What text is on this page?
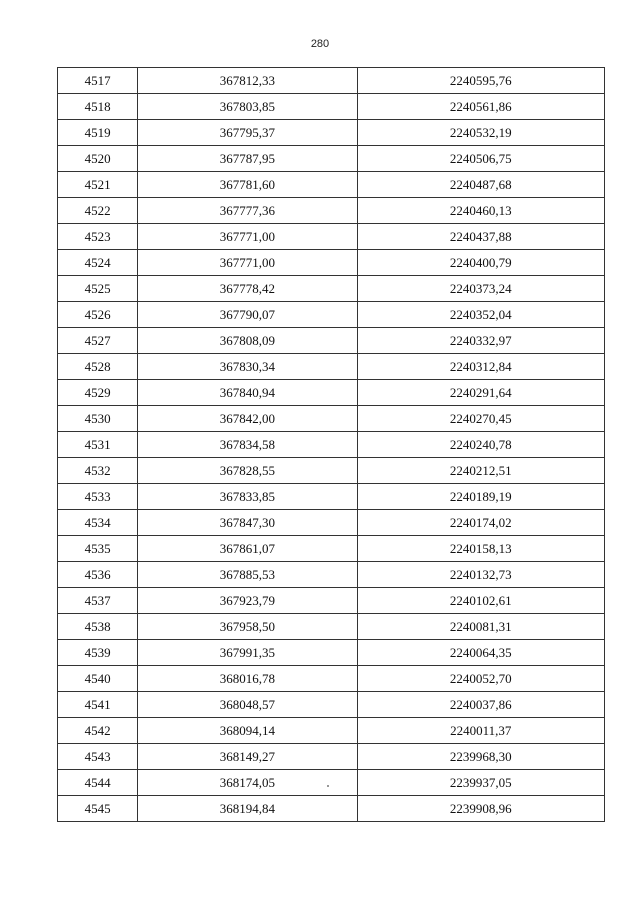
280
4517	367812,33	2240595,76
4518	367803,85	2240561,86
4519	367795,37	2240532,19
4520	367787,95	2240506,75
4521	367781,60	2240487,68
4522	367777,36	2240460,13
4523	367771,00	2240437,88
4524	367771,00	2240400,79
4525	367778,42	2240373,24
4526	367790,07	2240352,04
4527	367808,09	2240332,97
4528	367830,34	2240312,84
4529	367840,94	2240291,64
4530	367842,00	2240270,45
4531	367834,58	2240240,78
4532	367828,55	2240212,51
4533	367833,85	2240189,19
4534	367847,30	2240174,02
4535	367861,07	2240158,13
4536	367885,53	2240132,73
4537	367923,79	2240102,61
4538	367958,50	2240081,31
4539	367991,35	2240064,35
4540	368016,78	2240052,70
4541	368048,57	2240037,86
4542	368094,14	2240011,37
4543	368149,27	2239968,30
4544	368174,05	2239937,05
4545	368194,84	2239908,96
